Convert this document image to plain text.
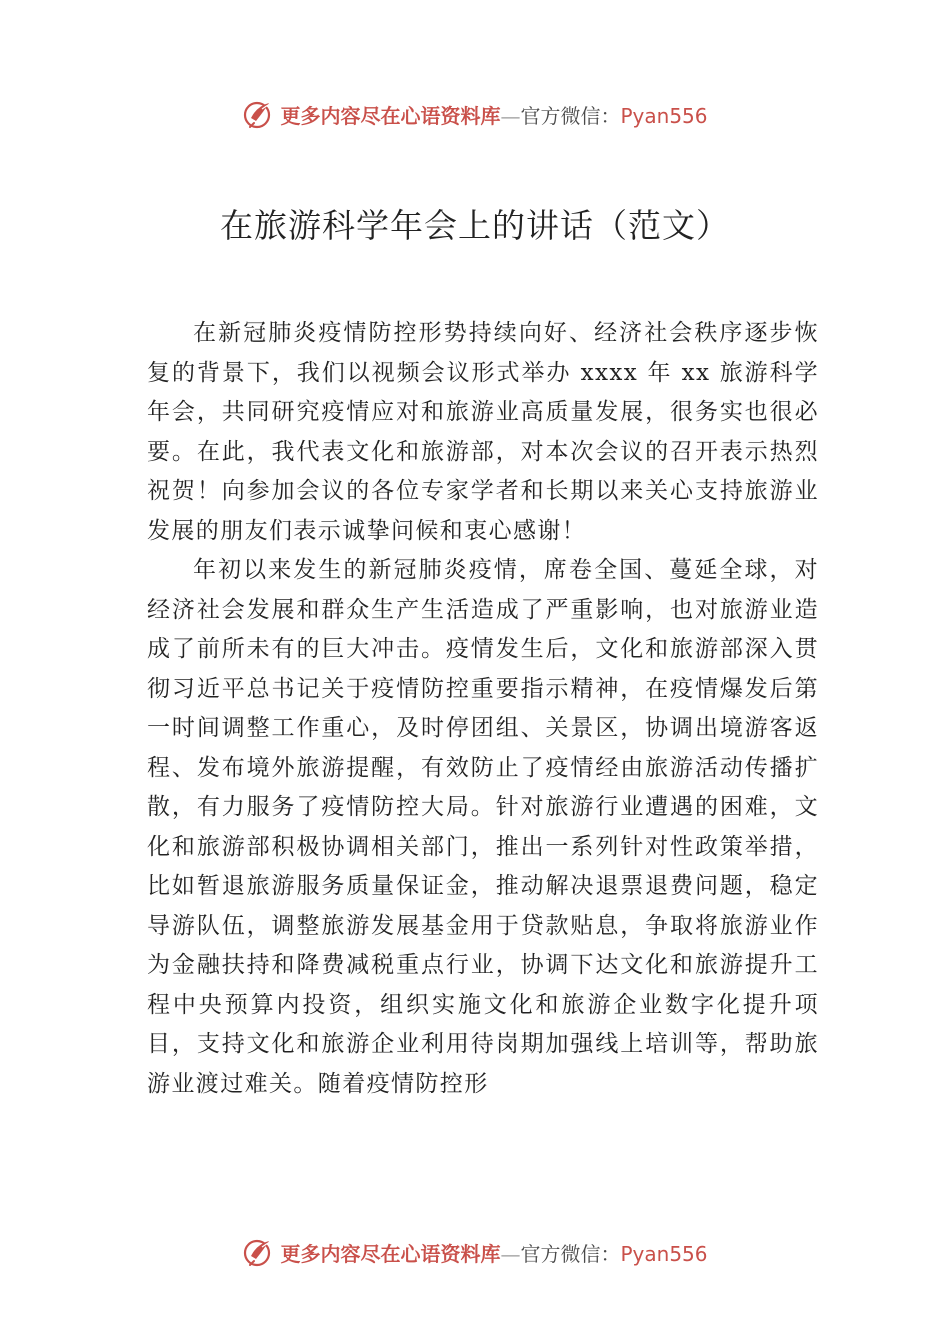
更多内容尽在心语资料库—官方微信：Pyan556
在旅游科学年会上的讲话（范文）

在新冠肺炎疫情防控形势持续向好、经济社会秩序逐步恢复的背景下，我们以视频会议形式举办 xxxx 年 xx 旅游科学年会，共同研究疫情应对和旅游业高质量发展，很务实也很必要。在此，我代表文化和旅游部，对本次会议的召开表示热烈祝贺！向参加会议的各位专家学者和长期以来关心支持旅游业发展的朋友们表示诚挚问候和衷心感谢！

年初以来发生的新冠肺炎疫情，席卷全国、蔓延全球，对经济社会发展和群众生产生活造成了严重影响，也对旅游业造成了前所未有的巨大冲击。疫情发生后，文化和旅游部深入贯彻习近平总书记关于疫情防控重要指示精神，在疫情爆发后第一时间调整工作重心，及时停团组、关景区，协调出境游客返程、发布境外旅游提醒，有效防止了疫情经由旅游活动传播扩散，有力服务了疫情防控大局。针对旅游行业遭遇的困难，文化和旅游部积极协调相关部门，推出一系列针对性政策举措，比如暂退旅游服务质量保证金，推动解决退票退费问题，稳定导游队伍，调整旅游发展基金用于贷款贴息，争取将旅游业作为金融扶持和降费减税重点行业，协调下达文化和旅游提升工程中央预算内投资，组织实施文化和旅游企业数字化提升项目，支持文化和旅游企业利用待岗期加强线上培训等，帮助旅游业渡过难关。随着疫情防控形

更多内容尽在心语资料库—官方微信：Pyan556
